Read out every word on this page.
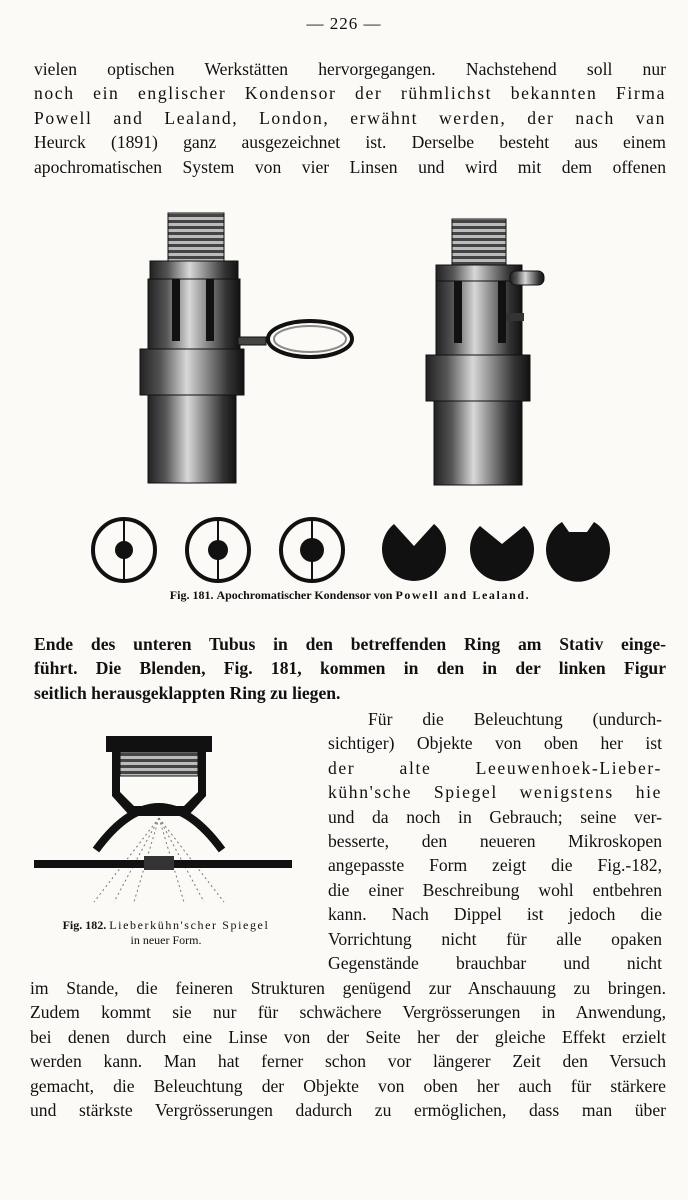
— 226 —

vielen optischen Werkstätten hervorgegangen. Nachstehend soll nur
noch ein englischer Kondensor der rühmlichst bekannten Firma
Powell and Lealand, London, erwähnt werden, der nach van
Heurck (1891) ganz ausgezeichnet ist. Derselbe besteht aus einem
apochromatischen System von vier Linsen und wird mit dem offenen

Fig. 181. Apochromatischer Kondensor von Powell and Lealand.

Ende des unteren Tubus in den betreffenden Ring am Stativ einge-
führt. Die Blenden, Fig. 181, kommen in den in der linken Figur
seitlich herausgeklappten Ring zu liegen.

Fig. 182. Lieberkühn'scher Spiegel
in neuer Form.

Für die Beleuchtung (undurch-
sichtiger) Objekte von oben her ist
der alte Leeuwenhoek-Lieber-
kühn'sche Spiegel wenigstens hie
und da noch in Gebrauch; seine ver-
besserte, den neueren Mikroskopen
angepasste Form zeigt die Fig.-182,
die einer Beschreibung wohl entbehren
kann. Nach Dippel ist jedoch die
Vorrichtung nicht für alle opaken
Gegenstände brauchbar und nicht

im Stande, die feineren Strukturen genügend zur Anschauung zu bringen.
Zudem kommt sie nur für schwächere Vergrösserungen in Anwendung,
bei denen durch eine Linse von der Seite her der gleiche Effekt erzielt
werden kann. Man hat ferner schon vor längerer Zeit den Versuch
gemacht, die Beleuchtung der Objekte von oben her auch für stärkere
und stärkste Vergrösserungen dadurch zu ermöglichen, dass man über
